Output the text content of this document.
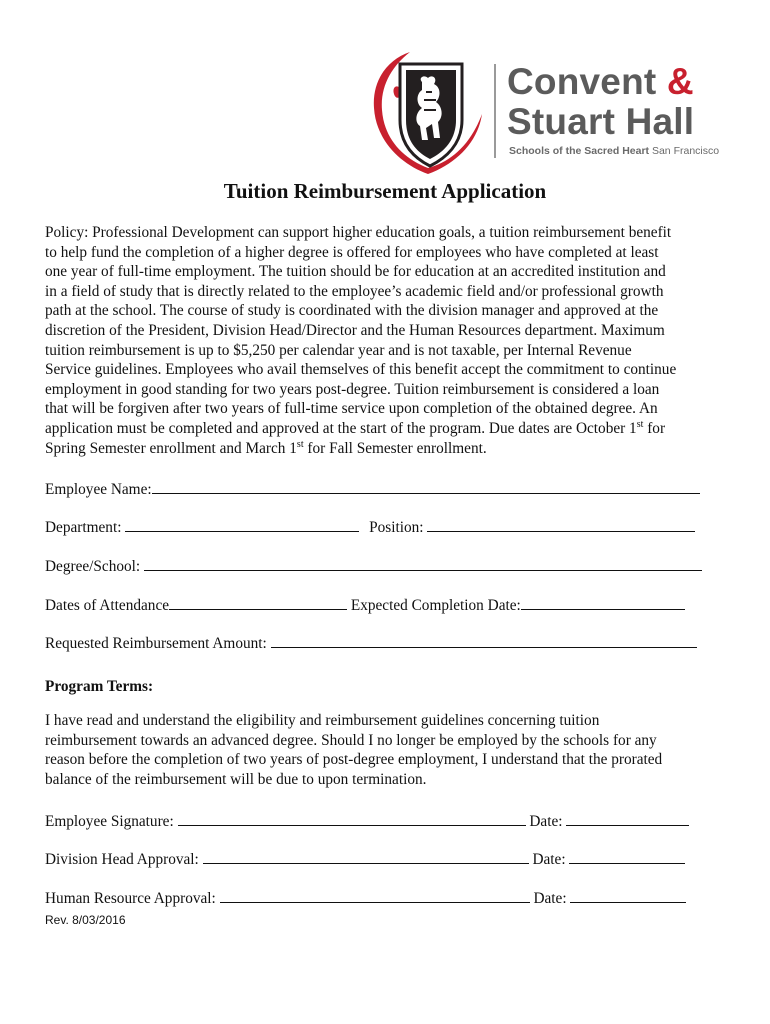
Convent &
Stuart Hall
Schools of the Sacred Heart San Francisco
Tuition Reimbursement Application

Policy: Professional Development can support higher education goals, a tuition reimbursement benefit

to help fund the completion of a higher degree is offered for employees who have completed at least

one year of full-time employment. The tuition should be for education at an accredited institution and

in a field of study that is directly related to the employee’s academic field and/or professional growth

path at the school. The course of study is coordinated with the division manager and approved at the

discretion of the President, Division Head/Director and the Human Resources department. Maximum

tuition reimbursement is up to $5,250 per calendar year and is not taxable, per Internal Revenue

Service guidelines. Employees who avail themselves of this benefit accept the commitment to continue

employment in good standing for two years post-degree. Tuition reimbursement is considered a loan

that will be forgiven after two years of full-time service upon completion of the obtained degree. An

application must be completed and approved at the start of the program. Due dates are October 1st for

Spring Semester enrollment and March 1st for Fall Semester enrollment.

Employee Name:
Department:	Position:
Degree/School:
Dates of Attendance	Expected Completion Date:
Requested Reimbursement Amount:
Program Terms:

I have read and understand the eligibility and reimbursement guidelines concerning tuition

reimbursement towards an advanced degree. Should I no longer be employed by the schools for any

reason before the completion of two years of post-degree employment, I understand that the prorated

balance of the reimbursement will be due to upon termination.

Employee Signature:	Date:
Division Head Approval:	Date:
Human Resource Approval:	Date:
Rev. 8/03/2016
